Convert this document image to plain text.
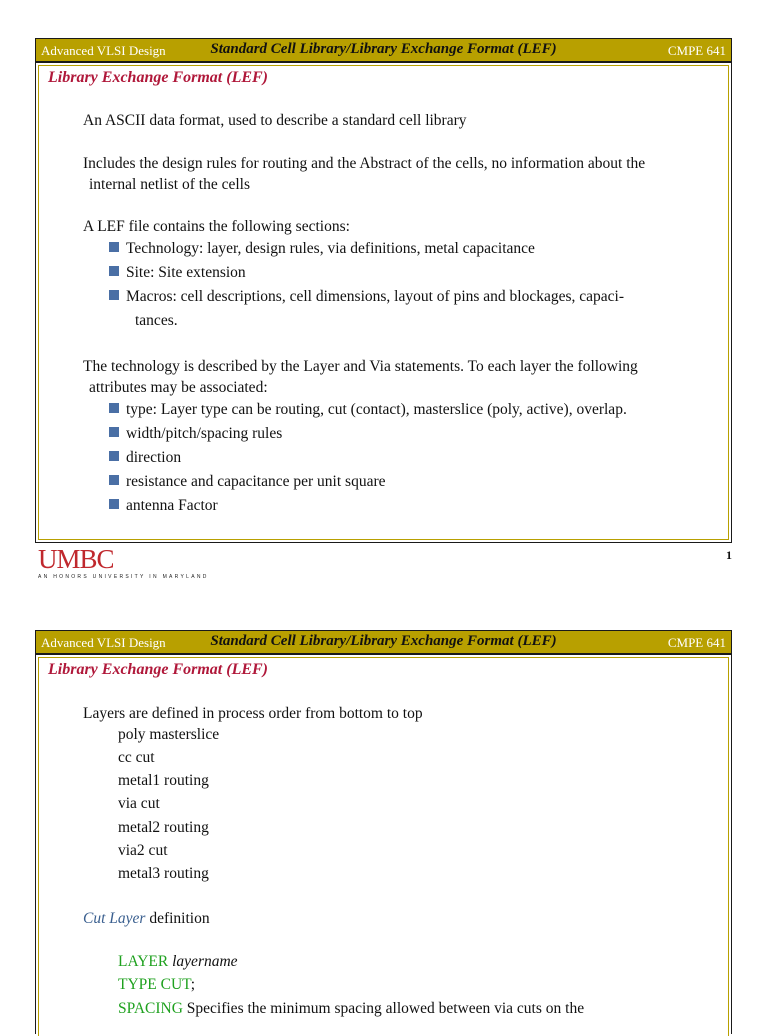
Advanced VLSI Design	Standard Cell Library/Library Exchange Format (LEF)	CMPE 641
Library Exchange Format (LEF)
An ASCII data format, used to describe a standard cell library
Includes the design rules for routing and the Abstract of the cells, no information about the
internal netlist of the cells
A LEF file contains the following sections:
Technology: layer, design rules, via definitions, metal capacitance
Site: Site extension
Macros: cell descriptions, cell dimensions, layout of pins and blockages, capaci-
tances.
The technology is described by the Layer and Via statements. To each layer the following
attributes may be associated:
type: Layer type can be routing, cut (contact), masterslice (poly, active), overlap.
width/pitch/spacing rules
direction
resistance and capacitance per unit square
antenna Factor
UMBC
AN HONORS UNIVERSITY IN MARYLAND
1
Advanced VLSI Design	Standard Cell Library/Library Exchange Format (LEF)	CMPE 641
Library Exchange Format (LEF)
Layers are defined in process order from bottom to top
poly masterslice
cc cut
metal1 routing
via cut
metal2 routing
via2 cut
metal3 routing
Cut Layer definition
LAYER layername
TYPE CUT;
SPACING Specifies the minimum spacing allowed between via cuts on the
